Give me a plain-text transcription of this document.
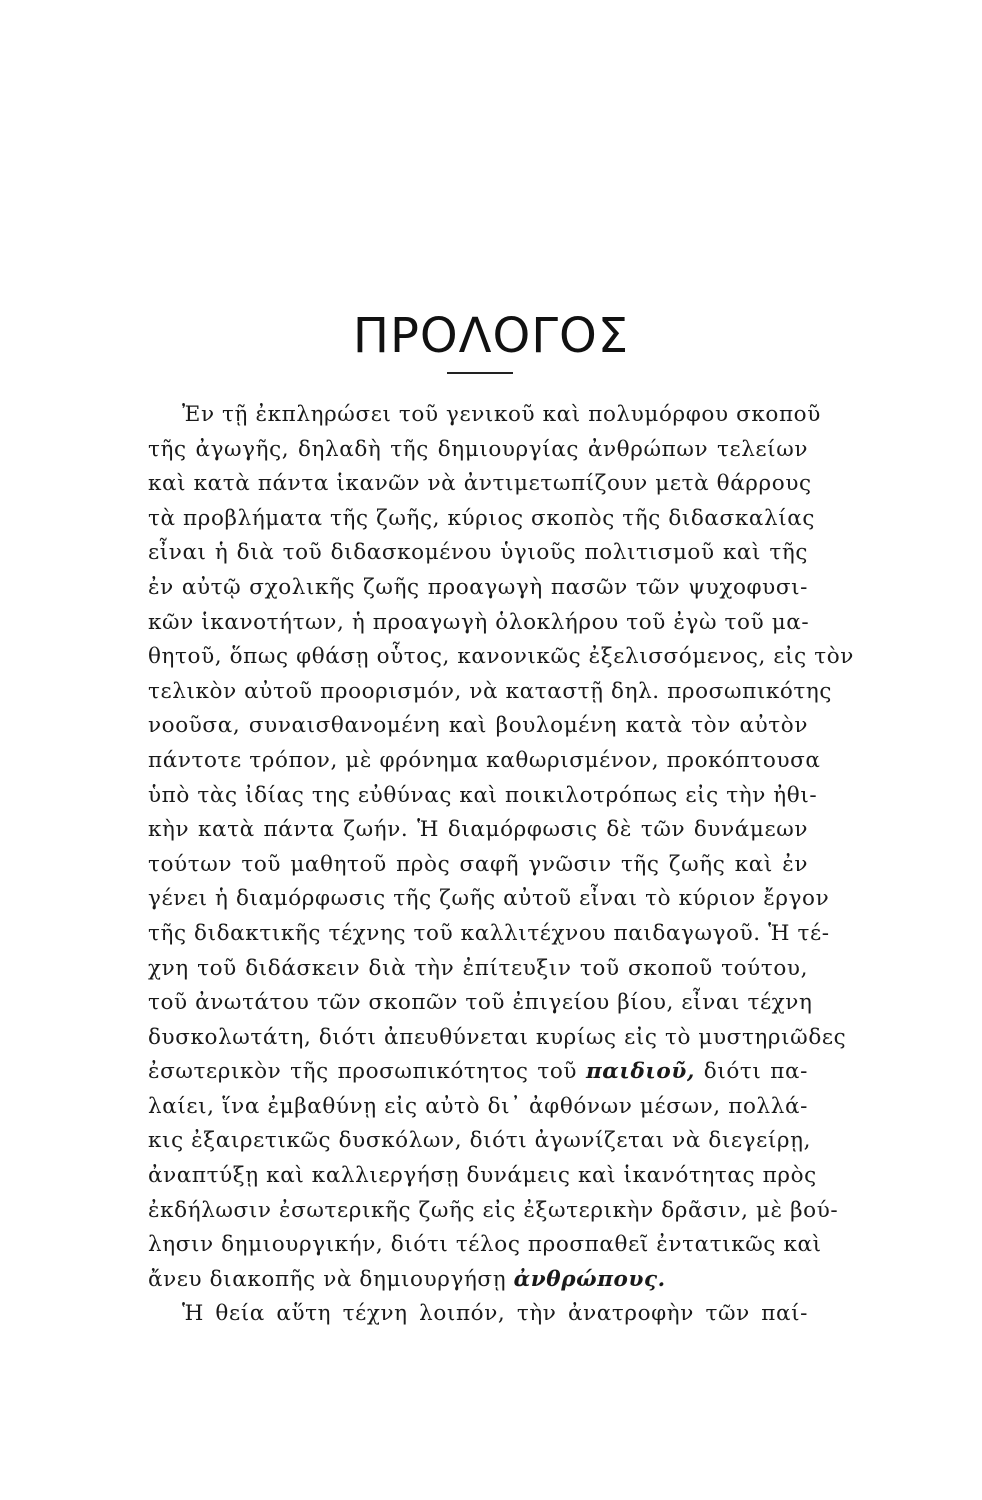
ΠΡΟΛΟΓΟΣ
Ἐν τῇ ἐκπληρώσει τοῦ γενικοῦ καὶ πολυμόρφου σκοποῦ
τῆς ἀγωγῆς, δηλαδὴ τῆς δημιουργίας ἀνθρώπων τελείων
καὶ κατὰ πάντα ἱκανῶν νὰ ἀντιμετωπίζουν μετὰ θάρρους
τὰ προβλήματα τῆς ζωῆς, κύριος σκοπὸς τῆς διδασκαλίας
εἶναι ἡ διὰ τοῦ διδασκομένου ὑγιοῦς πολιτισμοῦ καὶ τῆς
ἐν αὐτῷ σχολικῆς ζωῆς προαγωγὴ πασῶν τῶν ψυχοφυσι-
κῶν ἱκανοτήτων, ἡ προαγωγὴ ὁλοκλήρου τοῦ ἐγὼ τοῦ μα-
θητοῦ, ὅπως φθάσῃ οὗτος, κανονικῶς ἐξελισσόμενος, εἰς τὸν
τελικὸν αὐτοῦ προορισμόν, νὰ καταστῇ δηλ. προσωπικότης
νοοῦσα, συναισθανομένη καὶ βουλομένη κατὰ τὸν αὐτὸν
πάντοτε τρόπον, μὲ φρόνημα καθωρισμένον, προκόπτουσα
ὑπὸ τὰς ἰδίας της εὐθύνας καὶ ποικιλοτρόπως εἰς τὴν ἠθι-
κὴν κατὰ πάντα ζωήν. Ἡ διαμόρφωσις δὲ τῶν δυνάμεων
τούτων τοῦ μαθητοῦ πρὸς σαφῆ γνῶσιν τῆς ζωῆς καὶ ἐν
γένει ἡ διαμόρφωσις τῆς ζωῆς αὐτοῦ εἶναι τὸ κύριον ἔργον
τῆς διδακτικῆς τέχνης τοῦ καλλιτέχνου παιδαγωγοῦ. Ἡ τέ-
χνη τοῦ διδάσκειν διὰ τὴν ἐπίτευξιν τοῦ σκοποῦ τούτου,
τοῦ ἀνωτάτου τῶν σκοπῶν τοῦ ἐπιγείου βίου, εἶναι τέχνη
δυσκολωτάτη, διότι ἀπευθύνεται κυρίως εἰς τὸ μυστηριῶδες
ἐσωτερικὸν τῆς προσωπικότητος τοῦ παιδιοῦ, διότι πα-
λαίει, ἵνα ἐμβαθύνῃ εἰς αὐτὸ δι᾽ ἀφθόνων μέσων, πολλά-
κις ἐξαιρετικῶς δυσκόλων, διότι ἀγωνίζεται νὰ διεγείρῃ,
ἀναπτύξῃ καὶ καλλιεργήσῃ δυνάμεις καὶ ἱκανότητας πρὸς
ἐκδήλωσιν ἐσωτερικῆς ζωῆς εἰς ἐξωτερικὴν δρᾶσιν, μὲ βού-
λησιν δημιουργικήν, διότι τέλος προσπαθεῖ ἐντατικῶς καὶ
ἄνευ διακοπῆς νὰ δημιουργήσῃ ἀνθρώπους.
Ἡ θεία αὕτη τέχνη λοιπόν, τὴν ἀνατροφὴν τῶν παί-
